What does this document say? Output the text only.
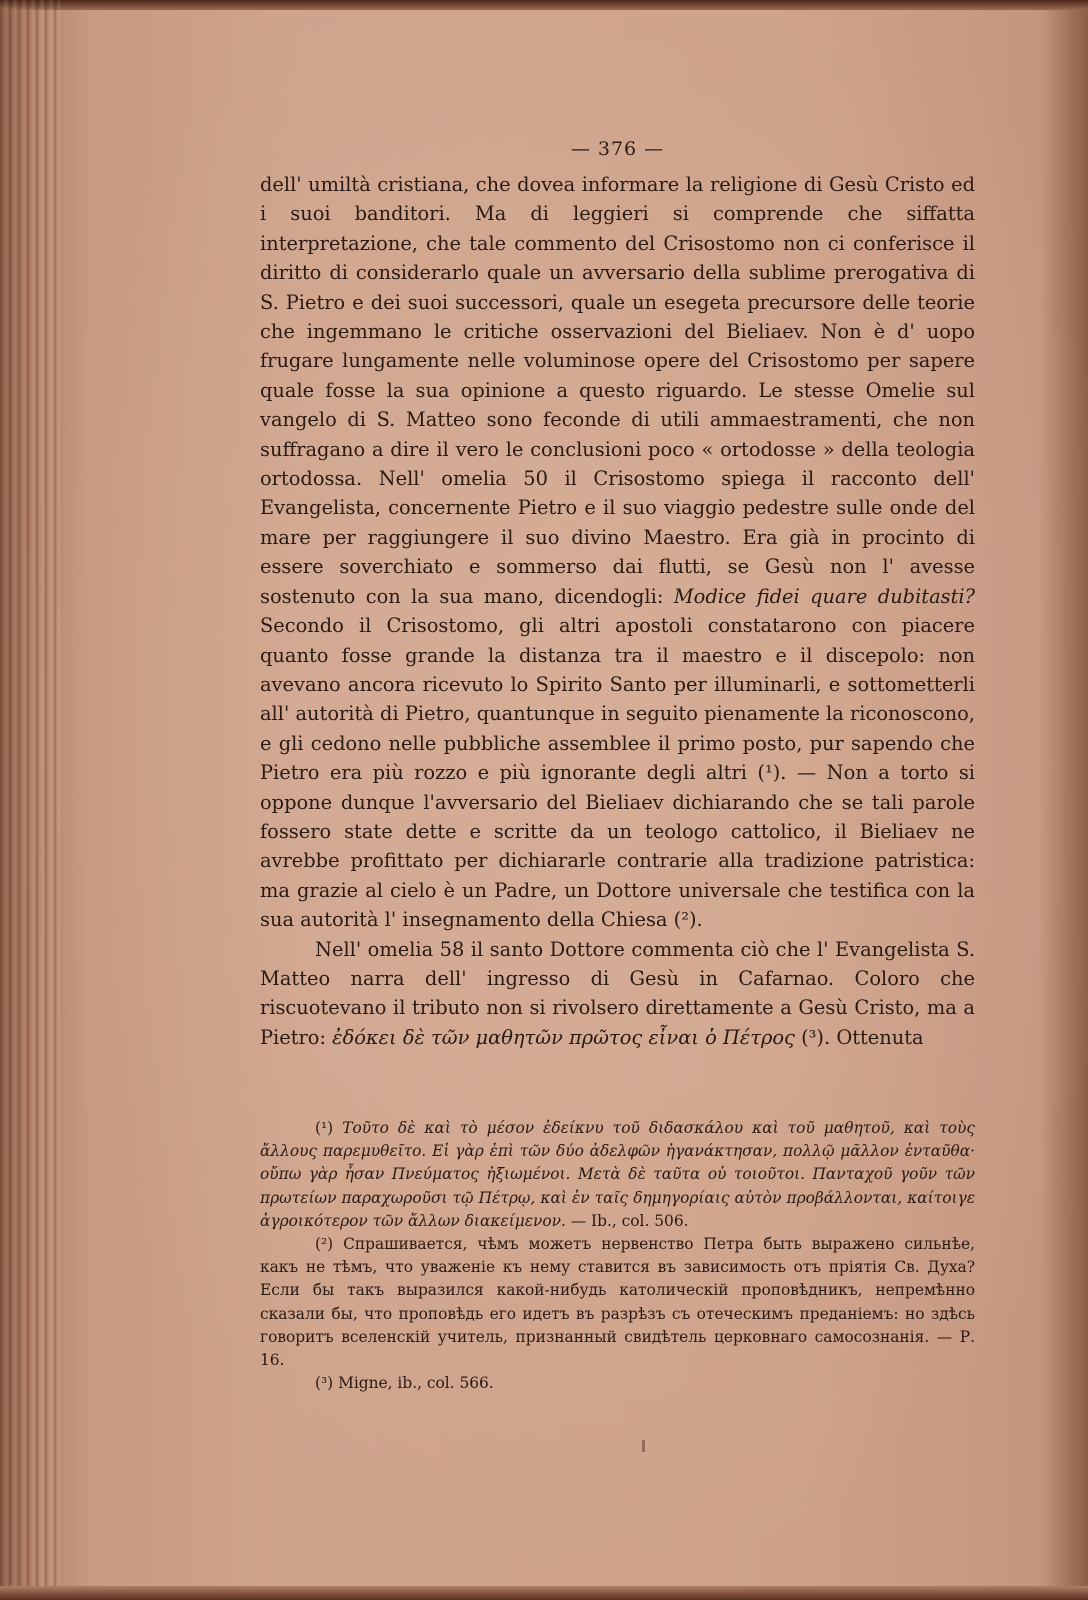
— 376 —

dell' umiltà cristiana, che dovea informare la religione di Gesù Cristo ed i suoi banditori. Ma di leggieri si comprende che siffatta interpretazione, che tale commento del Crisostomo non ci conferisce il diritto di considerarlo quale un avversario della sublime prerogativa di S. Pietro e dei suoi successori, quale un esegeta precursore delle teorie che ingemmano le critiche osservazioni del Bieliaev. Non è d' uopo frugare lungamente nelle voluminose opere del Crisostomo per sapere quale fosse la sua opinione a questo riguardo. Le stesse Omelie sul vangelo di S. Matteo sono feconde di utili ammaestramenti, che non suffragano a dire il vero le conclusioni poco « ortodosse » della teologia ortodossa. Nell' omelia 50 il Crisostomo spiega il racconto dell' Evangelista, concernente Pietro e il suo viaggio pedestre sulle onde del mare per raggiungere il suo divino Maestro. Era già in procinto di essere soverchiato e sommerso dai flutti, se Gesù non l' avesse sostenuto con la sua mano, dicendogli: Modice fidei quare dubitasti? Secondo il Crisostomo, gli altri apostoli constatarono con piacere quanto fosse grande la distanza tra il maestro e il discepolo: non avevano ancora ricevuto lo Spirito Santo per illuminarli, e sottometterli all' autorità di Pietro, quantunque in seguito pienamente la riconoscono, e gli cedono nelle pubbliche assemblee il primo posto, pur sapendo che Pietro era più rozzo e più ignorante degli altri (¹). — Non a torto si oppone dunque l'avversario del Bieliaev dichiarando che se tali parole fossero state dette e scritte da un teologo cattolico, il Bieliaev ne avrebbe profittato per dichiararle contrarie alla tradizione patristica: ma grazie al cielo è un Padre, un Dottore universale che testifica con la sua autorità l' insegnamento della Chiesa (²).

Nell' omelia 58 il santo Dottore commenta ciò che l' Evangelista S. Matteo narra dell' ingresso di Gesù in Cafarnao. Coloro che riscuotevano il tributo non si rivolsero direttamente a Gesù Cristo, ma a Pietro: ἐδόκει δὲ τῶν μαθητῶν πρῶτος εἶναι ὁ Πέτρος (³). Ottenuta

(¹) Τοῦτο δὲ καὶ τὸ μέσον ἐδείκνυ τοῦ διδασκάλου καὶ τοῦ μαθητοῦ, καὶ τοὺς ἄλλους παρεμυθεῖτο. Εἰ γὰρ ἐπὶ τῶν δύο ἀδελφῶν ἠγανάκτησαν, πολλῷ μᾶλλον ἐνταῦθα· οὔπω γὰρ ἦσαν Πνεύματος ἠξιωμένοι. Μετὰ δὲ ταῦτα οὐ τοιοῦτοι. Πανταχοῦ γοῦν τῶν πρωτείων παραχωροῦσι τῷ Πέτρῳ, καὶ ἐν ταῖς δημηγορίαις αὐτὸν προβάλλονται, καίτοιγε ἀγροικότερον τῶν ἄλλων διακείμενον. — Ib., col. 506.

(²) Спрашивается, чѣмъ можетъ нервенство Петра быть выражено сильнѣе, какъ не тѣмъ, что уваженіе къ нему ставится въ зависимость отъ пріятія Св. Духа? Если бы такъ выразился какой-нибудь католическій проповѣдникъ, непремѣнно сказали бы, что проповѣдь его идетъ въ разрѣзъ съ отеческимъ преданіемъ: но здѣсь говоритъ вселенскій учитель, признанный свидѣтель церковнаго самосознанія. — Р. 16.

(³) Migne, ib., col. 566.
